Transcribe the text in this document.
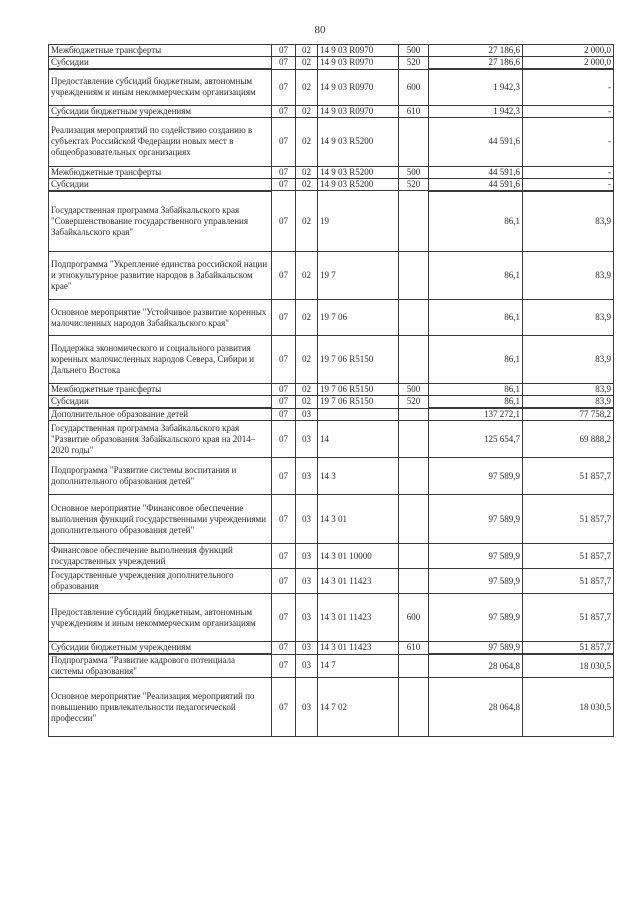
80
Межбюджетные трансферты	07	02	14 9 03 R0970	500	27 186,6	2 000,0
Субсидии	07	02	14 9 03 R0970	520	27 186,6	2 000,0
Предоставление субсидий бюджетным, автономным учреждениям и иным некоммерческим организациям	07	02	14 9 03 R0970	600	1 942,3	-
Субсидии бюджетным учреждениям	07	02	14 9 03 R0970	610	1 942,3	-
Реализация мероприятий по содействию созданию в субъектах Российской Федерации новых мест в общеобразовательных организациях	07	02	14 9 03 R5200		44 591,6	-
Межбюджетные трансферты	07	02	14 9 03 R5200	500	44 591,6	-
Субсидии	07	02	14 9 03 R5200	520	44 591,6	-
Государственная программа Забайкальского края "Совершенствование государственного управления Забайкальского края"	07	02	19		86,1	83,9
Подпрограмма "Укрепление единства российской нации и этнокультурное развитие народов в Забайкальском крае"	07	02	19 7		86,1	83,9
Основное мероприятие "Устойчивое развитие коренных малочисленных народов Забайкальского края"	07	02	19 7 06		86,1	83,9
Поддержка экономического и социального развития коренных малочисленных народов Севера, Сибири и Дальнего Востока	07	02	19 7 06 R5150		86,1	83,9
Межбюджетные трансферты	07	02	19 7 06 R5150	500	86,1	83,9
Субсидии	07	02	19 7 06 R5150	520	86,1	83,9
Дополнительное образование детей	07	03			137 272,1	77 758,2
Государственная программа Забайкальского края "Развитие образования Забайкальского края на 2014–2020 годы"	07	03	14		125 654,7	69 888,2
Подпрограмма "Развитие системы воспитания и дополнительного образования детей"	07	03	14 3		97 589,9	51 857,7
Основное мероприятие "Финансовое обеспечение выполнения функций государственными учреждениями дополнительного образования детей"	07	03	14 3 01		97 589,9	51 857,7
Финансовое обеспечение выполнения функций государственных учреждений	07	03	14 3 01 10000		97 589,9	51 857,7
Государственные учреждения дополнительного образования	07	03	14 3 01 11423		97 589,9	51 857,7
Предоставление субсидий бюджетным, автономным учреждениям и иным некоммерческим организациям	07	03	14 3 01 11423	600	97 589,9	51 857,7
Субсидии бюджетным учреждениям	07	03	14 3 01 11423	610	97 589,9	51 857,7
Подпрограмма "Развитие кадрового потенциала системы образования"	07	03	14 7		28 064,8	18 030,5
Основное мероприятие "Реализация мероприятий по повышению привлекательности педагогической профессии"	07	03	14 7 02		28 064,8	18 030,5
